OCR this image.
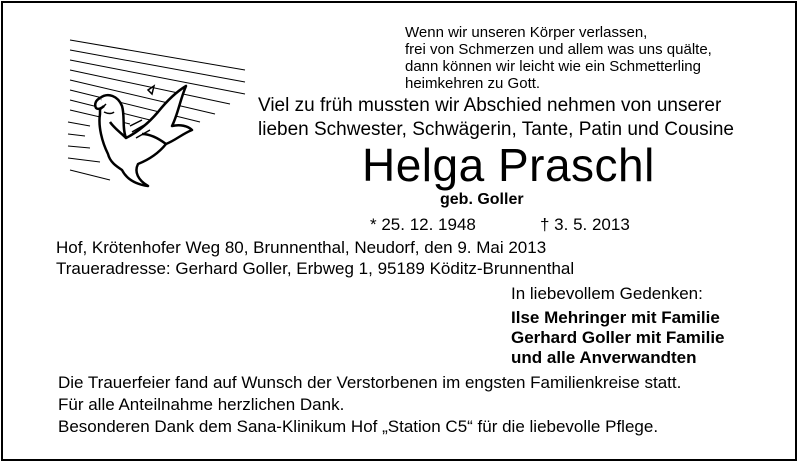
Wenn wir unseren Körper verlassen,
frei von Schmerzen und allem was uns quälte,
dann können wir leicht wie ein Schmetterling
heimkehren zu Gott.
Viel zu früh mussten wir Abschied nehmen von unserer
lieben Schwester, Schwägerin, Tante, Patin und Cousine
Helga Praschl
geb. Goller
* 25. 12. 1948	† 3. 5. 2013
Hof, Krötenhofer Weg 80, Brunnenthal, Neudorf, den 9. Mai 2013
Traueradresse: Gerhard Goller, Erbweg 1, 95189 Köditz-Brunnenthal
In liebevollem Gedenken:
Ilse Mehringer mit Familie
Gerhard Goller mit Familie
und alle Anverwandten
Die Trauerfeier fand auf Wunsch der Verstorbenen im engsten Familienkreise statt.
Für alle Anteilnahme herzlichen Dank.
Besonderen Dank dem Sana-Klinikum Hof „Station C5“ für die liebevolle Pflege.
